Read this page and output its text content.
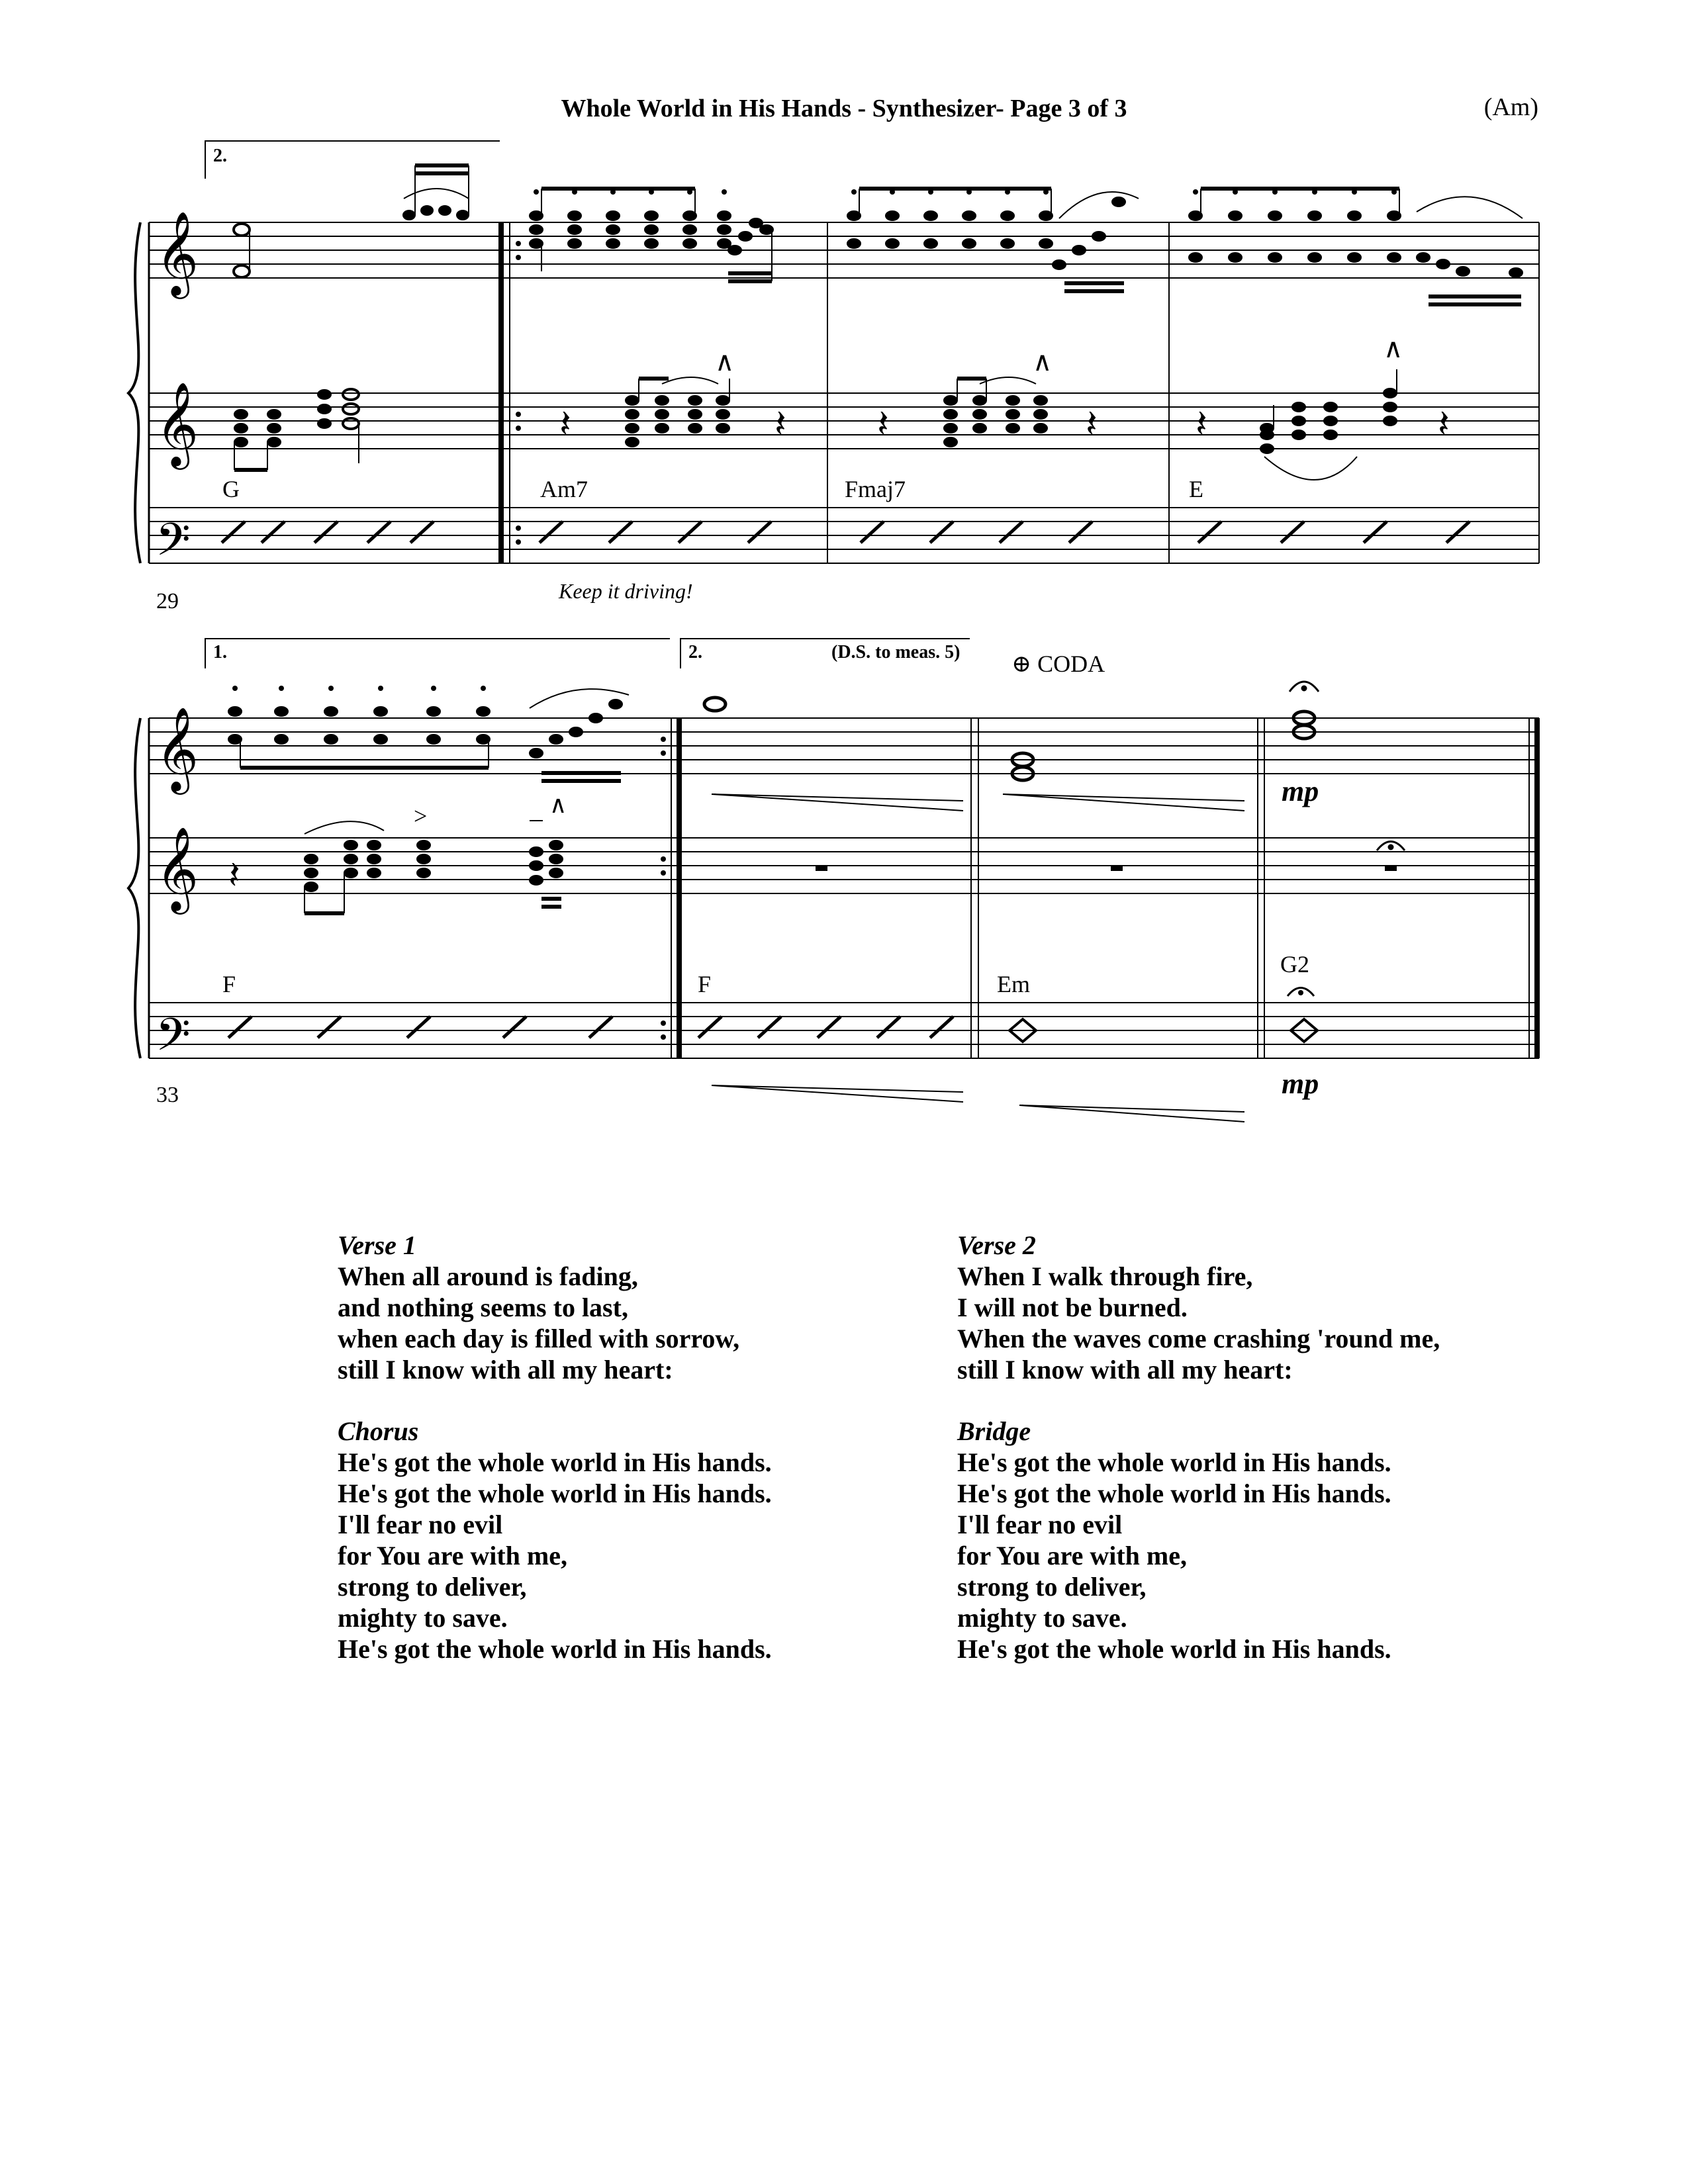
Whole World in His Hands - Synthesizer- Page 3 of 3	(Am)
𝄞
𝄞
𝄢
∧	∧	∧
𝄽	𝄽 𝄽	𝄽	𝄽	𝄽
𝄞
𝄞
𝄢
𝄽
>	∧
29
2.
Keep it driving!
G	Am7	Fmaj7	E
33
1.	2.	(D.S. to meas. 5) ⊕ CODA
mp
mp
F	F	Em
G2
Verse 1
When all around is fading,
and nothing seems to last,
when each day is filled with sorrow,
still I know with all my heart:
Chorus
He's got the whole world in His hands.
He's got the whole world in His hands.
I'll fear no evil
for You are with me,
strong to deliver,
mighty to save.
He's got the whole world in His hands.
Verse 2
When I walk through fire,
I will not be burned.
When the waves come crashing 'round me,
still I know with all my heart:
Bridge
He's got the whole world in His hands.
He's got the whole world in His hands.
I'll fear no evil
for You are with me,
strong to deliver,
mighty to save.
He's got the whole world in His hands.
